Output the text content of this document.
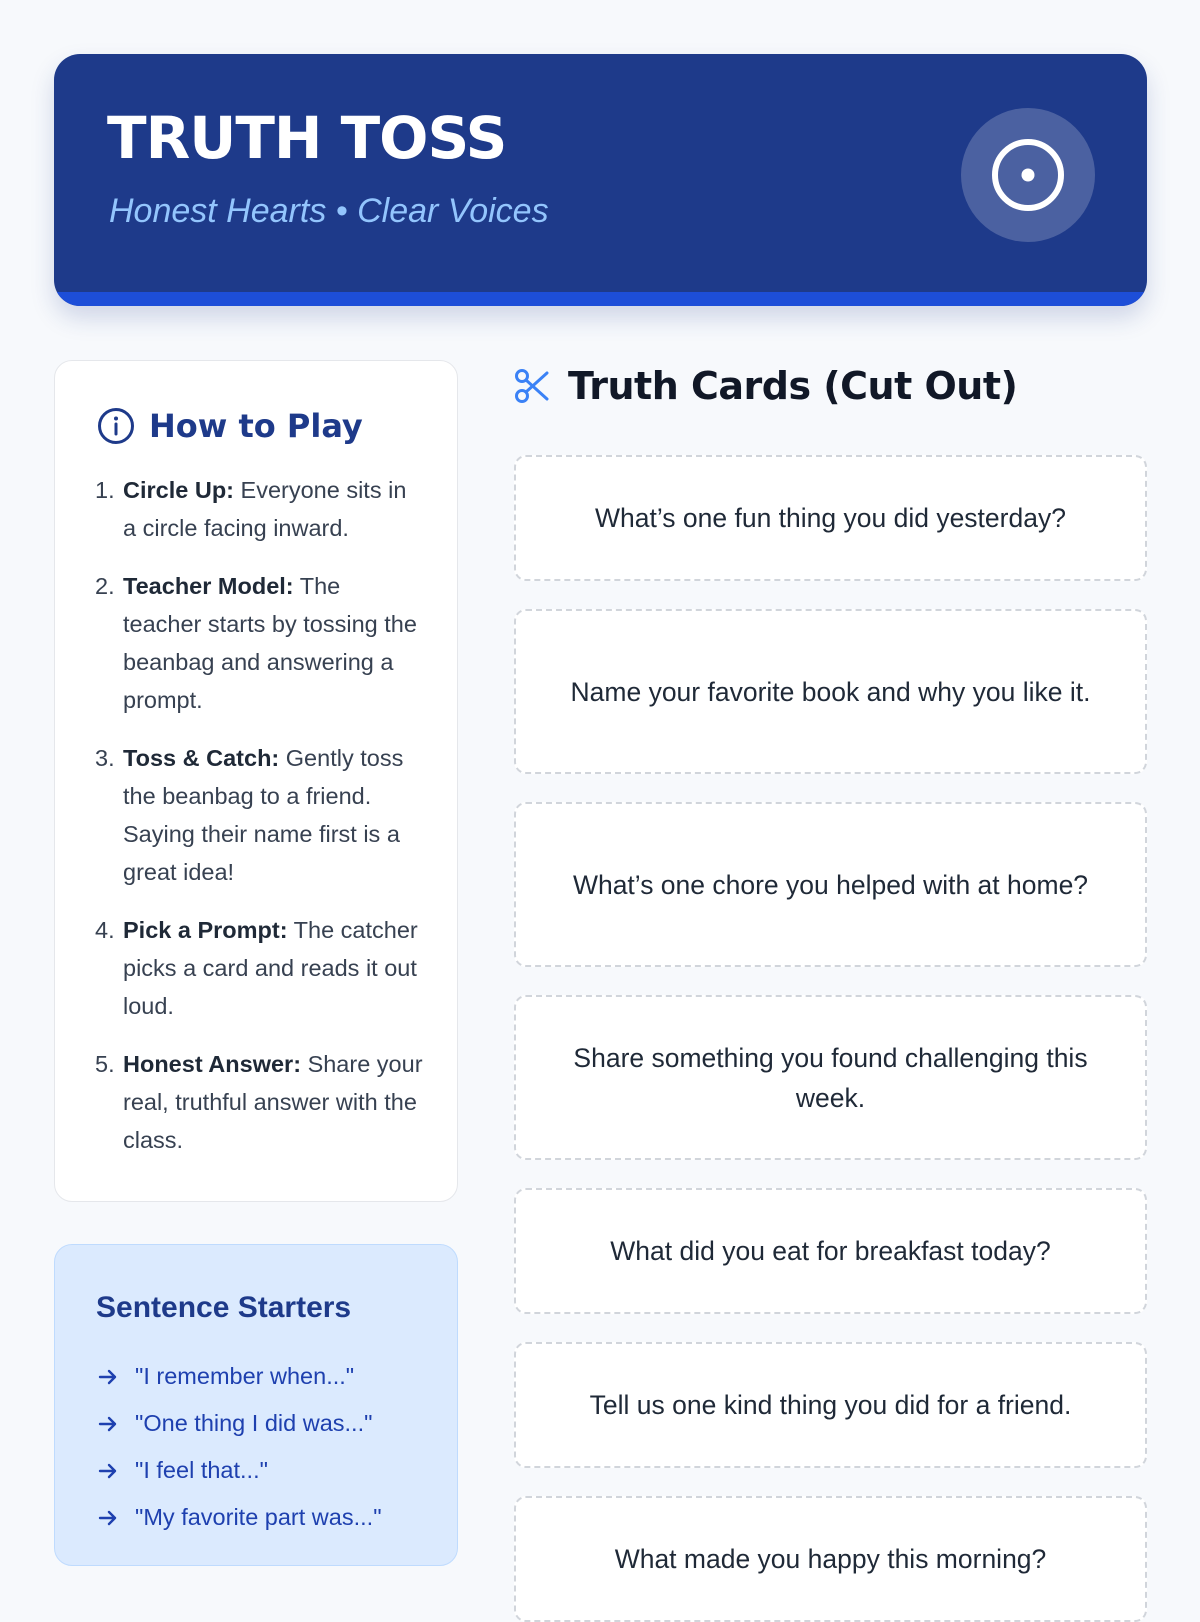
TRUTH TOSS
Honest Hearts • Clear Voices
How to Play
1. Circle Up: Everyone sits in a circle facing inward.
2. Teacher Model: The teacher starts by tossing the beanbag and answering a prompt.
3. Toss & Catch: Gently toss the beanbag to a friend. Saying their name first is a great idea!
4. Pick a Prompt: The catcher picks a card and reads it out loud.
5. Honest Answer: Share your real, truthful answer with the class.
Sentence Starters
"I remember when..."
"One thing I did was..."
"I feel that..."
"My favorite part was..."
Truth Cards (Cut Out)
What’s one fun thing you did yesterday?
Name your favorite book and why you like it.
What’s one chore you helped with at home?
Share something you found challenging this week.
What did you eat for breakfast today?
Tell us one kind thing you did for a friend.
What made you happy this morning?
